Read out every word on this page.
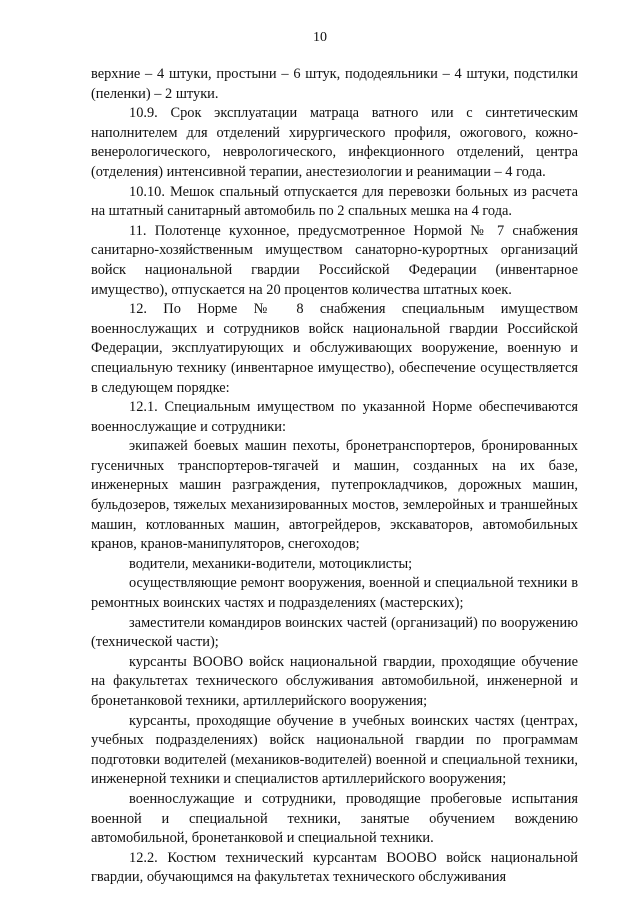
10

верхние – 4 штуки, простыни – 6 штук, пододеяльники – 4 штуки, подстилки (пеленки) – 2 штуки.

10.9. Срок эксплуатации матраца ватного или с синтетическим наполнителем для отделений хирургического профиля, ожогового, кожно-венерологического, неврологического, инфекционного отделений, центра (отделения) интенсивной терапии, анестезиологии и реанимации – 4 года.

10.10. Мешок спальный отпускается для перевозки больных из расчета на штатный санитарный автомобиль по 2 спальных мешка на 4 года.

11. Полотенце кухонное, предусмотренное Нормой № 7 снабжения санитарно-хозяйственным имуществом санаторно-курортных организаций войск национальной гвардии Российской Федерации (инвентарное имущество), отпускается на 20 процентов количества штатных коек.

12. По Норме № 8 снабжения специальным имуществом военнослужащих и сотрудников войск национальной гвардии Российской Федерации, эксплуатирующих и обслуживающих вооружение, военную и специальную технику (инвентарное имущество), обеспечение осуществляется в следующем порядке:

12.1. Специальным имуществом по указанной Норме обеспечиваются военнослужащие и сотрудники:

экипажей боевых машин пехоты, бронетранспортеров, бронированных гусеничных транспортеров-тягачей и машин, созданных на их базе, инженерных машин разграждения, путепрокладчиков, дорожных машин, бульдозеров, тяжелых механизированных мостов, землеройных и траншейных машин, котлованных машин, автогрейдеров, экскаваторов, автомобильных кранов, кранов-манипуляторов, снегоходов;

водители, механики-водители, мотоциклисты;

осуществляющие ремонт вооружения, военной и специальной техники в ремонтных воинских частях и подразделениях (мастерских);

заместители командиров воинских частей (организаций) по вооружению (технической части);

курсанты ВООВО войск национальной гвардии, проходящие обучение на факультетах технического обслуживания автомобильной, инженерной и бронетанковой техники, артиллерийского вооружения;

курсанты, проходящие обучение в учебных воинских частях (центрах, учебных подразделениях) войск национальной гвардии по программам подготовки водителей (механиков-водителей) военной и специальной техники, инженерной техники и специалистов артиллерийского вооружения;

военнослужащие и сотрудники, проводящие пробеговые испытания военной и специальной техники, занятые обучением вождению автомобильной, бронетанковой и специальной техники.

12.2. Костюм технический курсантам ВООВО войск национальной гвардии, обучающимся на факультетах технического обслуживания
